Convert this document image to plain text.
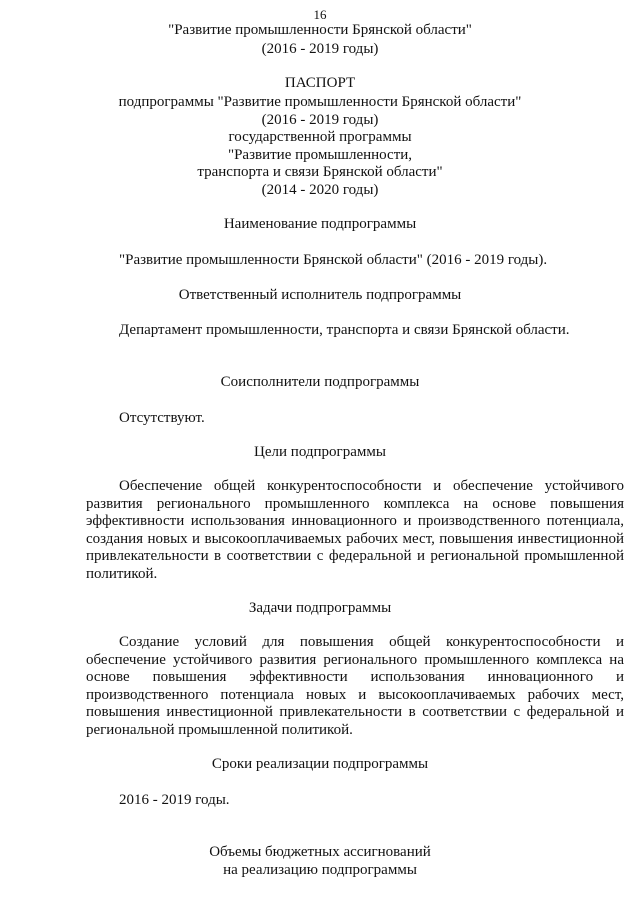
16
"Развитие промышленности Брянской области"
(2016 - 2019 годы)
ПАСПОРТ
подпрограммы "Развитие промышленности Брянской области"
(2016 - 2019 годы)
государственной программы
"Развитие промышленности,
транспорта и связи Брянской области"
(2014 - 2020 годы)
Наименование подпрограммы
"Развитие промышленности Брянской области" (2016 - 2019 годы).
Ответственный исполнитель подпрограммы
Департамент промышленности, транспорта и связи Брянской области.
Соисполнители подпрограммы
Отсутствуют.
Цели подпрограммы
Обеспечение общей конкурентоспособности и обеспечение устойчивого
развития регионального промышленного комплекса на основе повышения
эффективности использования инновационного и производственного потенциала,
создания новых и высокооплачиваемых рабочих мест, повышения инвестиционной
привлекательности в соответствии с федеральной и региональной промышленной
политикой.
Задачи подпрограммы
Создание условий для повышения общей конкурентоспособности и
обеспечение устойчивого развития регионального промышленного комплекса на
основе повышения эффективности использования инновационного и
производственного потенциала новых и высокооплачиваемых рабочих мест,
повышения инвестиционной привлекательности в соответствии с федеральной и
региональной промышленной политикой.
Сроки реализации подпрограммы
2016 - 2019 годы.
Объемы бюджетных ассигнований
на реализацию подпрограммы
